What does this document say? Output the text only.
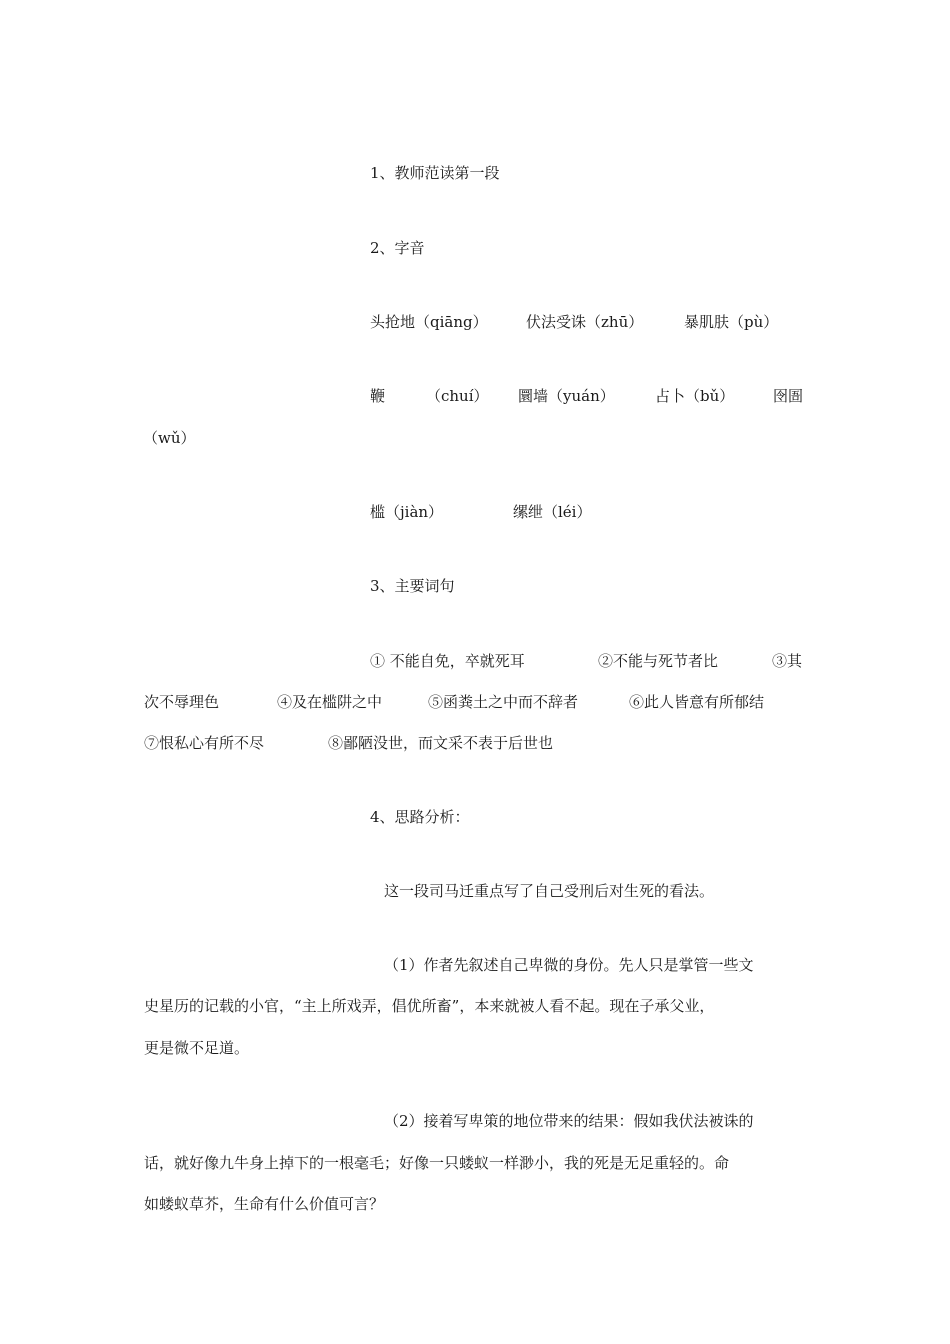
1、教师范读第一段
2、字音
头抢地（qiāng）	伏法受诛（zhū）	暴肌肤（pù）
鞭	（chuí） 圜墙（yuán）	占卜（bǔ）	囹圄
（wǔ）
槛（jiàn）	缧绁（léi）
3、主要词句
① 不能自免，卒就死耳	②不能与死节者比	③其
次不辱理色	④及在槛阱之中	⑤函粪土之中而不辞者	⑥此人皆意有所郁结
⑦恨私心有所不尽	⑧鄙陋没世，而文采不表于后世也
4、思路分析：
这一段司马迁重点写了自己受刑后对生死的看法。
（1）作者先叙述自己卑微的身份。先人只是掌管一些文
史星历的记载的小官，“主上所戏弄，倡优所畜”，本来就被人看不起。现在子承父业，
更是微不足道。
（2）接着写卑策的地位带来的结果：假如我伏法被诛的
话，就好像九牛身上掉下的一根毫毛；好像一只蝼蚁一样渺小，我的死是无足重轻的。命
如蝼蚁草芥，生命有什么价值可言？
